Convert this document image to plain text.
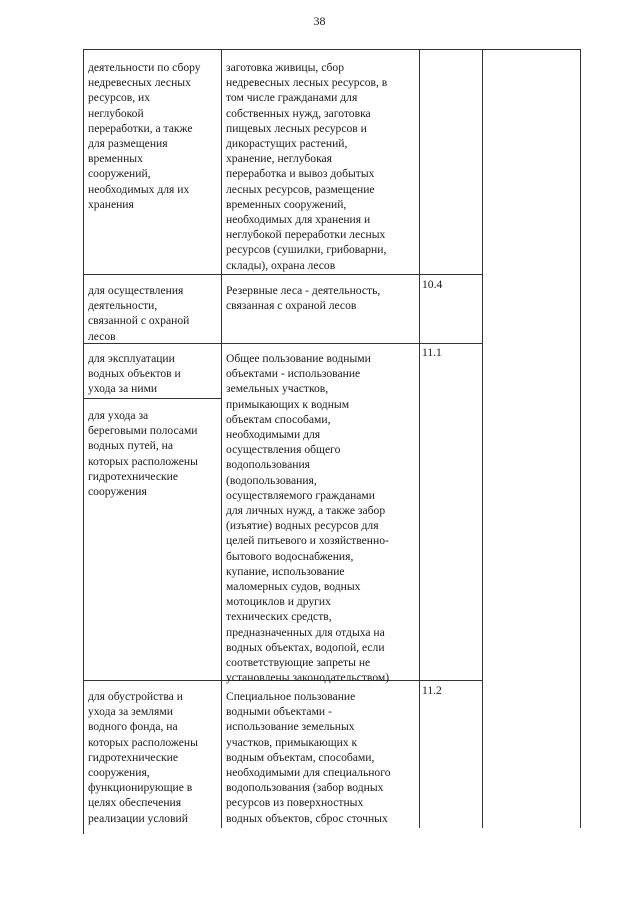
38
деятельности по сбору
недревесных лесных
ресурсов, их
неглубокой
переработки, а также
для размещения
временных
сооружений,
необходимых для их
хранения
заготовка живицы, сбор
недревесных лесных ресурсов, в
том числе гражданами для
собственных нужд, заготовка
пищевых лесных ресурсов и
дикорастущих растений,
хранение, неглубокая
переработка и вывоз добытых
лесных ресурсов, размещение
временных сооружений,
необходимых для хранения и
неглубокой переработки лесных
ресурсов (сушилки, грибоварни,
склады), охрана лесов
для осуществления
деятельности,
связанной с охраной
лесов
Резервные леса - деятельность,
связанная с охраной лесов
10.4
для эксплуатации
водных объектов и
ухода за ними
для ухода за
береговыми полосами
водных путей, на
которых расположены
гидротехнические
сооружения
Общее пользование водными
объектами - использование
земельных участков,
примыкающих к водным
объектам способами,
необходимыми для
осуществления общего
водопользования
(водопользования,
осуществляемого гражданами
для личных нужд, а также забор
(изъятие) водных ресурсов для
целей питьевого и хозяйственно-
бытового водоснабжения,
купание, использование
маломерных судов, водных
мотоциклов и других
технических средств,
предназначенных для отдыха на
водных объектах, водопой, если
соответствующие запреты не
установлены законодательством)
11.1
для обустройства и
ухода за землями
водного фонда, на
которых расположены
гидротехнические
сооружения,
функционирующие в
целях обеспечения
реализации условий
Специальное пользование
водными объектами -
использование земельных
участков, примыкающих к
водным объектам, способами,
необходимыми для специального
водопользования (забор водных
ресурсов из поверхностных
водных объектов, сброс сточных
11.2
